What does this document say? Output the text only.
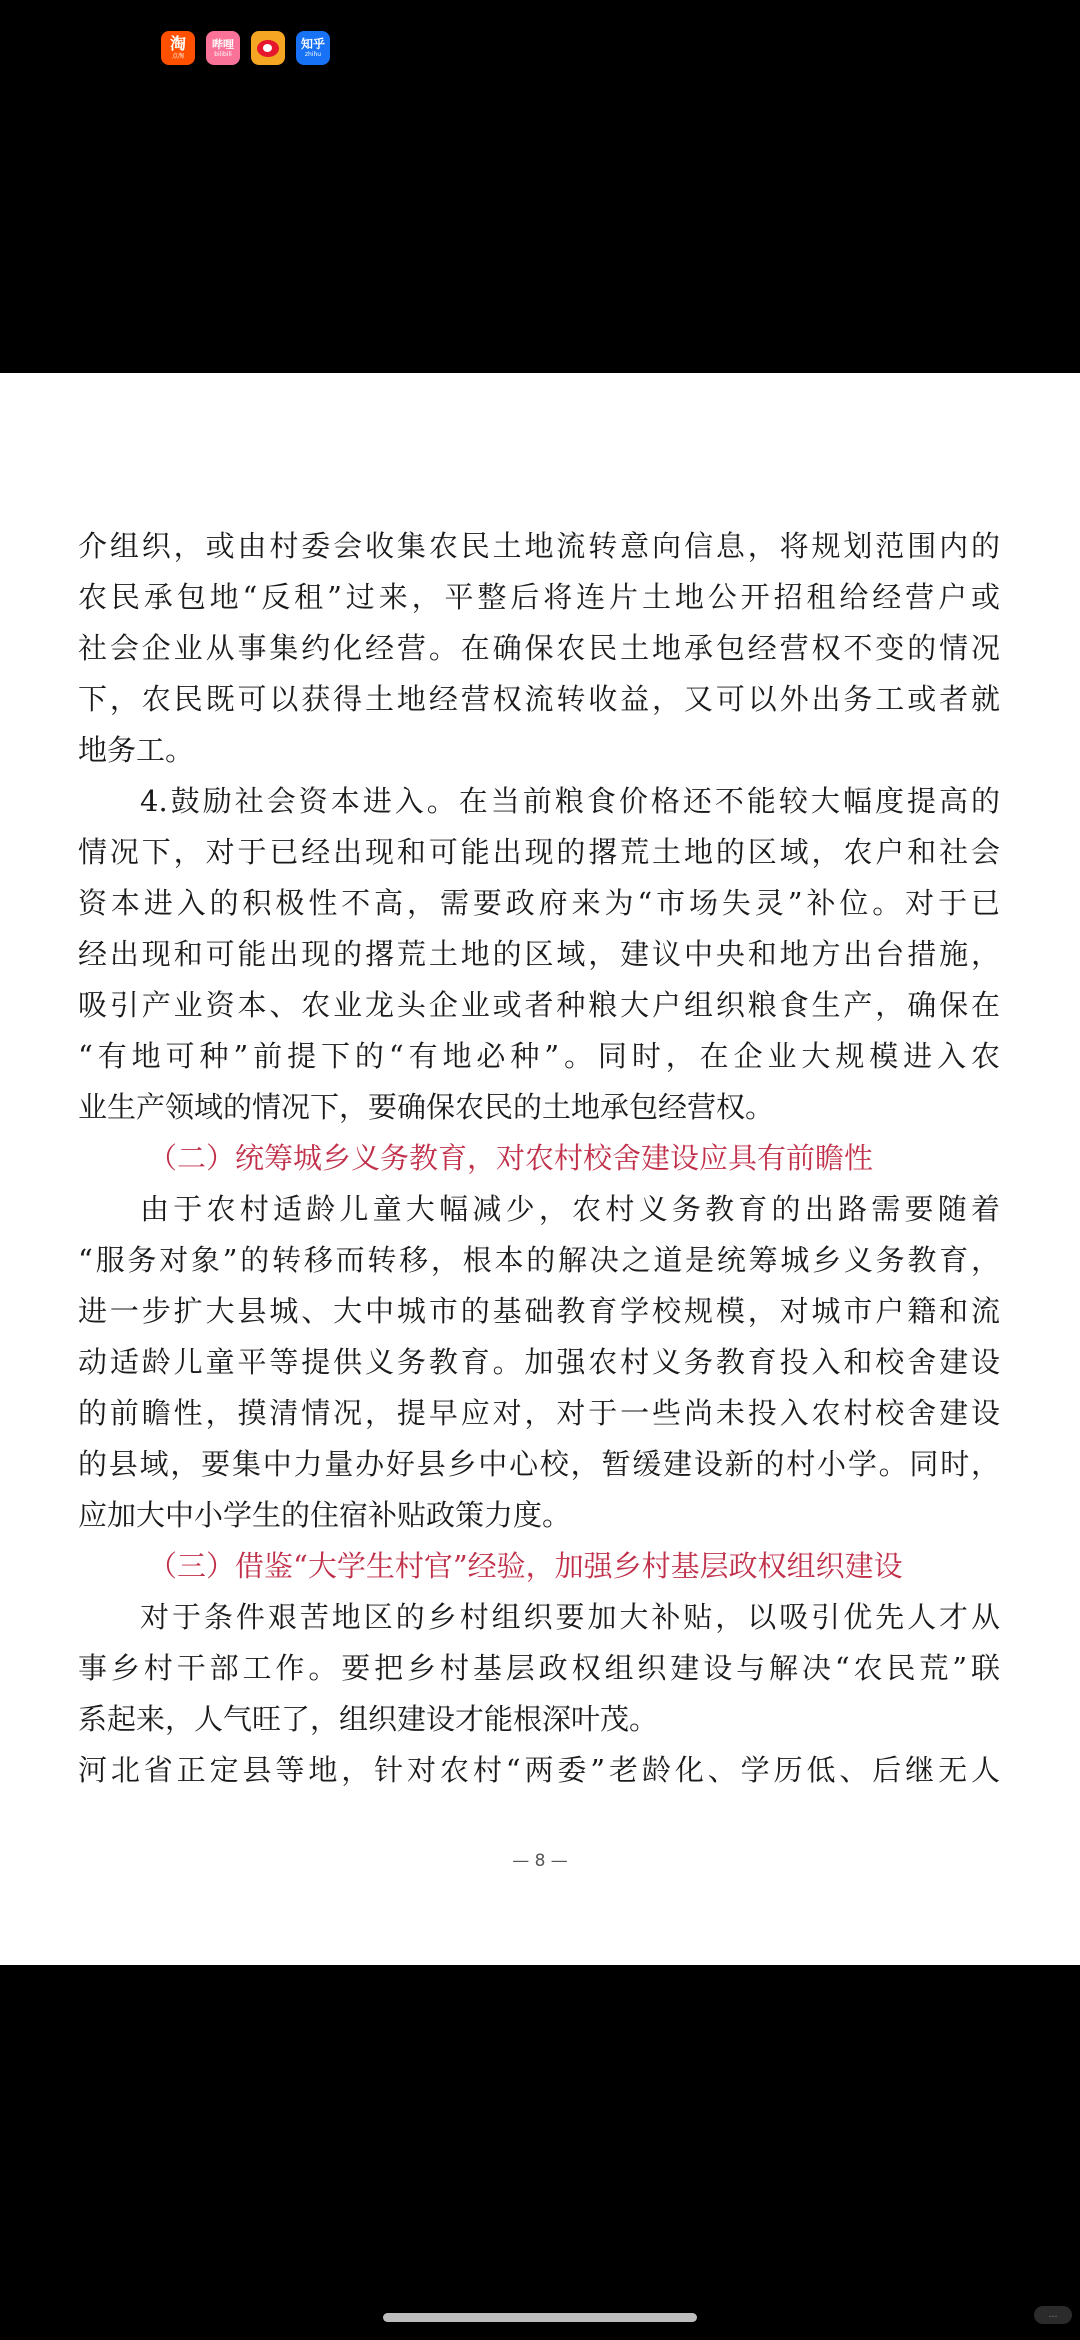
淘
点淘
哔哩
bilibili
知乎
zhihu
介组织，或由村委会收集农民土地流转意向信息，将规划范围内的
农民承包地“反租”过来，平整后将连片土地公开招租给经营户或
社会企业从事集约化经营。在确保农民土地承包经营权不变的情况
下，农民既可以获得土地经营权流转收益，又可以外出务工或者就
地务工。
4.鼓励社会资本进入。在当前粮食价格还不能较大幅度提高的
情况下，对于已经出现和可能出现的撂荒土地的区域，农户和社会
资本进入的积极性不高，需要政府来为“市场失灵”补位。对于已
经出现和可能出现的撂荒土地的区域，建议中央和地方出台措施，
吸引产业资本、农业龙头企业或者种粮大户组织粮食生产，确保在
“有地可种”前提下的“有地必种”。同时，在企业大规模进入农
业生产领域的情况下，要确保农民的土地承包经营权。
（二）统筹城乡义务教育，对农村校舍建设应具有前瞻性
由于农村适龄儿童大幅减少，农村义务教育的出路需要随着
“服务对象”的转移而转移，根本的解决之道是统筹城乡义务教育，
进一步扩大县城、大中城市的基础教育学校规模，对城市户籍和流
动适龄儿童平等提供义务教育。加强农村义务教育投入和校舍建设
的前瞻性，摸清情况，提早应对，对于一些尚未投入农村校舍建设
的县域，要集中力量办好县乡中心校，暂缓建设新的村小学。同时，
应加大中小学生的住宿补贴政策力度。
（三）借鉴“大学生村官”经验，加强乡村基层政权组织建设
对于条件艰苦地区的乡村组织要加大补贴，以吸引优先人才从
事乡村干部工作。要把乡村基层政权组织建设与解决“农民荒”联
系起来，人气旺了，组织建设才能根深叶茂。
河北省正定县等地，针对农村“两委”老龄化、学历低、后继无人
— 8 —
…
